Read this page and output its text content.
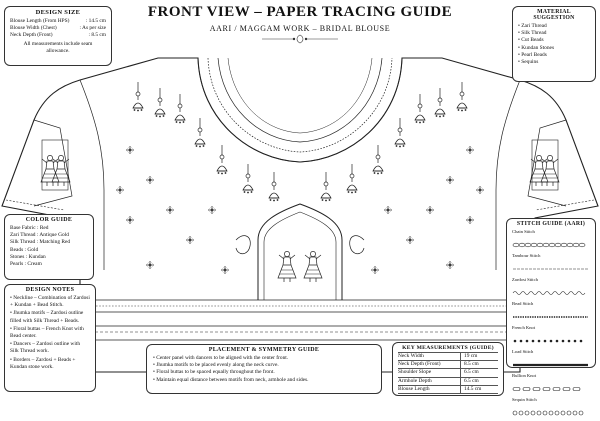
FRONT VIEW – PAPER TRACING GUIDE
AARI / MAGGAM WORK – BRIDAL BLOUSE
DESIGN SIZE
Blouse Length (From HPS)	: 14.5 cm
Blouse Width (Chest)	: As per size
Neck Depth (Front)	: 8.5 cm
All measurements include seam allowance.
MATERIAL SUGGESTION
• Zari Thread
• Silk Thread
• Cut Beads
• Kundan Stones
• Pearl Beads
• Sequins
COLOR GUIDE
Base Fabric : Red
Zari Thread : Antique Gold
Silk Thread : Matching Red
Beads : Gold
Stones : Kundan
Pearls : Cream
DESIGN NOTES
• Neckline – Combination of Zardosi + Kundan + Bead Stitch.
• Jhumka motifs – Zardosi outline filled with Silk Thread + Beads.
• Floral buttas – French Knot with Bead center.
• Dancers – Zardosi outline with Silk Thread work.
• Borders – Zardosi + Beads + Kundan stone work.
PLACEMENT & SYMMETRY GUIDE
• Center panel with dancers to be aligned with the center front.
• Jhumka motifs to be placed evenly along the neck curve.
• Floral buttas to be spaced equally throughout the front.
• Maintain equal distance between motifs from neck, armhole and sides.
KEY MEASUREMENTS (GUIDE)
Neck Width	19 cm
Neck Depth (Front)	8.5 cm
Shoulder Slope	6.5 cm
Armhole Depth	6.5 cm
Blouse Length	14.5 cm
STITCH GUIDE (AARI)
Chain Stitch
Tambour Stitch
Zardosi Stitch
Bead Stitch
French Knot
Load Stitch
Bullion Knot
Sequin Stitch
